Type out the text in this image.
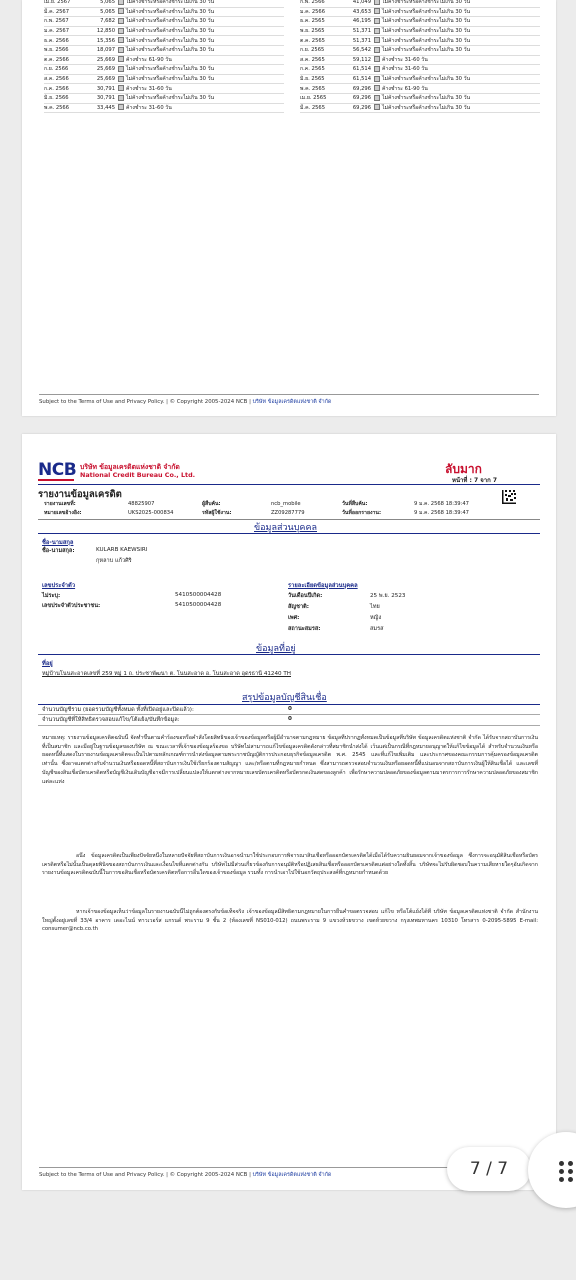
เม.ย. 2567	5,065	ไม่ค้างชำระหรือค้างชำระไม่เกิน 30 วัน
มี.ค. 2567	5,065	ไม่ค้างชำระหรือค้างชำระไม่เกิน 30 วัน
ก.พ. 2567	7,682	ไม่ค้างชำระหรือค้างชำระไม่เกิน 30 วัน
ม.ค. 2567	12,850	ไม่ค้างชำระหรือค้างชำระไม่เกิน 30 วัน
ธ.ค. 2566	15,356	ไม่ค้างชำระหรือค้างชำระไม่เกิน 30 วัน
พ.ย. 2566	18,097	ไม่ค้างชำระหรือค้างชำระไม่เกิน 30 วัน
ต.ค. 2566	25,669	ค้างชำระ 61-90 วัน
ก.ย. 2566	25,669	ไม่ค้างชำระหรือค้างชำระไม่เกิน 30 วัน
ส.ค. 2566	25,669	ไม่ค้างชำระหรือค้างชำระไม่เกิน 30 วัน
ก.ค. 2566	30,791	ค้างชำระ 31-60 วัน
มิ.ย. 2566	30,791	ไม่ค้างชำระหรือค้างชำระไม่เกิน 30 วัน
พ.ค. 2566	33,445	ค้างชำระ 31-60 วัน
ก.พ. 2566	41,049	ไม่ค้างชำระหรือค้างชำระไม่เกิน 30 วัน
ม.ค. 2566	43,653	ไม่ค้างชำระหรือค้างชำระไม่เกิน 30 วัน
ธ.ค. 2565	46,195	ไม่ค้างชำระหรือค้างชำระไม่เกิน 30 วัน
พ.ย. 2565	51,371	ไม่ค้างชำระหรือค้างชำระไม่เกิน 30 วัน
ต.ค. 2565	51,371	ไม่ค้างชำระหรือค้างชำระไม่เกิน 30 วัน
ก.ย. 2565	56,542	ไม่ค้างชำระหรือค้างชำระไม่เกิน 30 วัน
ส.ค. 2565	59,112	ค้างชำระ 31-60 วัน
ก.ค. 2565	61,514	ค้างชำระ 31-60 วัน
มิ.ย. 2565	61,514	ไม่ค้างชำระหรือค้างชำระไม่เกิน 30 วัน
พ.ค. 2565	69,296	ค้างชำระ 61-90 วัน
เม.ย. 2565	69,296	ไม่ค้างชำระหรือค้างชำระไม่เกิน 30 วัน
มี.ค. 2565	69,296	ไม่ค้างชำระหรือค้างชำระไม่เกิน 30 วัน
Subject to the Terms of Use and Privacy Policy. | © Copyright 2005-2024 NCB | บริษัท ข้อมูลเครดิตแห่งชาติ จำกัด
NCB บริษัท ข้อมูลเครดิตแห่งชาติ จำกัด
National Credit Bureau Co., Ltd.	ลับมาก
หน้าที่ : 7 จาก 7
รายงานข้อมูลเครดิต
รายงานเลขที่:	48825907
หมายเลขอ้างอิง:	UKS2025-000834
ผู้สืบค้น:	ncb_mobile
รหัสผู้ใช้งาน:	ZZ09287779
วันที่สืบค้น:	9 ม.ค. 2568 18:39:47
วันที่ออกรายงาน:	9 ม.ค. 2568 18:39:47
ข้อมูลส่วนบุคคล
ชื่อ-นามสกุล
ชื่อ-นามสกุล:	KULARB KAEWSIRI
กุหลาบ แก้วศิริ
เลขประจำตัว
ไม่ระบุ:	5410500004428
เลขประจำตัวประชาชน:	5410500004428
รายละเอียดข้อมูลส่วนบุคคล
วันเดือนปีเกิด:	25 พ.ย. 2523
สัญชาติ:	ไทย
เพศ:	หญิง
สถานะสมรส:	สมรส
ข้อมูลที่อยู่
ที่อยู่
หมู่บ้านโนนสะอาดเลขที่ 259 หมู่ 1 ถ. ประชาพัฒนา ต. โนนสะอาด อ. โนนสะอาด อุดรธานี 41240 TH
สรุปข้อมูลบัญชีสินเชื่อ
จำนวนบัญชีรวม (ยอดรวมบัญชีทั้งหมด ทั้งที่เปิดอยู่และปิดแล้ว):	0
จำนวนบัญชีที่ให้สิทธิตรวจสอบแก้ไข/โต้แย้ง/บันทึกข้อมูล:	0
หมายเหตุ: รายงานข้อมูลเครดิตฉบับนี้ จัดทำขึ้นตามคำร้องขอหรือคำสั่งโดยสิทธิของเจ้าของข้อมูลหรือผู้มีอำนาจตามกฎหมาย ข้อมูลที่ปรากฏทั้งหมดเป็นข้อมูลที่บริษัท ข้อมูลเครดิตแห่งชาติ จำกัด ได้รับจากสถาบันการเงินที่เป็นสมาชิก และมีอยู่ในฐานข้อมูลของบริษัท ณ ขณะเวลาที่เจ้าของข้อมูลร้องขอ บริษัทไม่สามารถแก้ไขข้อมูลเครดิตดังกล่าวที่สมาชิกนำส่งได้ เว้นแต่เป็นกรณีที่กฎหมายอนุญาตให้แก้ไขข้อมูลได้ สำหรับจำนวนเงินหรือยอดหนี้ที่แสดงในรายงานข้อมูลเครดิตจะเป็นไปตามหลักเกณฑ์การนำส่งข้อมูลตามพระราชบัญญัติการประกอบธุรกิจข้อมูลเครดิต พ.ศ. 2545 และที่แก้ไขเพิ่มเติม และประกาศของคณะกรรมการคุ้มครองข้อมูลเครดิตเท่านั้น ซึ่งอาจแตกต่างกับจำนวนเงินหรือยอดหนี้ที่สถาบันการเงินใช้เรียกร้องตามสัญญา และ/หรือตามที่กฎหมายกำหนด ซึ่งสามารถตรวจสอบจำนวนเงินหรือยอดหนี้ที่แน่นอนจากสถาบันการเงินผู้ให้สินเชื่อได้ และเลขที่บัญชีของสินเชื่อบัตรเครดิตหรือบัญชีเงินเดินบัญชีอาจมีการเปลี่ยนแปลงให้แตกต่างจากหมายเลขบัตรเครดิตหรือบัตรกดเงินสดของลูกค้า เพื่อรักษาความปลอดภัยของข้อมูลตามมาตรการการรักษาความปลอดภัยของสมาชิกแต่ละแห่ง
อนึ่ง ข้อมูลเครดิตเป็นเพียงปัจจัยหนึ่งในหลายปัจจัยที่สถาบันการเงินอาจนำมาใช้ประกอบการพิจารณาสินเชื่อหรือออกบัตรเครดิตได้เมื่อได้รับความยินยอมจากเจ้าของข้อมูล ซึ่งการจะอนุมัติสินเชื่อหรือบัตรเครดิตหรือไม่นั้นเป็นดุลยพินิจของสถาบันการเงินและเงื่อนไขที่แตกต่างกัน บริษัทไม่มีส่วนเกี่ยวข้องกับการอนุมัติหรือปฏิเสธสินเชื่อหรือออกบัตรเครดิตแต่อย่างใดทั้งสิ้น บริษัทจะไม่รับผิดชอบในความเสียหายใดๆอันเกิดจากรายงานข้อมูลเครดิตฉบับนี้ในการขอสินเชื่อหรือบัตรเครดิตหรือการอื่นใดของเจ้าของข้อมูล รวมทั้ง การนำเอาไปใช้นอกวัตถุประสงค์ที่กฎหมายกำหนดด้วย
หากเจ้าของข้อมูลเห็นว่าข้อมูลในรายงานฉบับนี้ไม่ถูกต้องตรงกับข้อเท็จจริง เจ้าของข้อมูลมีสิทธิตามกฎหมายในการยื่นคำขอตรวจสอบ แก้ไข หรือโต้แย้งได้ที่ บริษัท ข้อมูลเครดิตแห่งชาติ จำกัด สำนักงานใหญ่ตั้งอยู่เลขที่ 33/4 อาคาร เดอะไนน์ ทาวเวอร์ส แกรนด์ พระราม 9 ชั้น 2 (ห้องเลขที่ NS010-012) ถนนพระราม 9 แขวงห้วยขวาง เขตห้วยขวาง กรุงเทพมหานคร 10310 โทรสาร 0-2095-5895 E-mail: consumer@ncb.co.th
Subject to the Terms of Use and Privacy Policy. | © Copyright 2005-2024 NCB | บริษัท ข้อมูลเครดิตแห่งชาติ จำกัด	7 / 7
